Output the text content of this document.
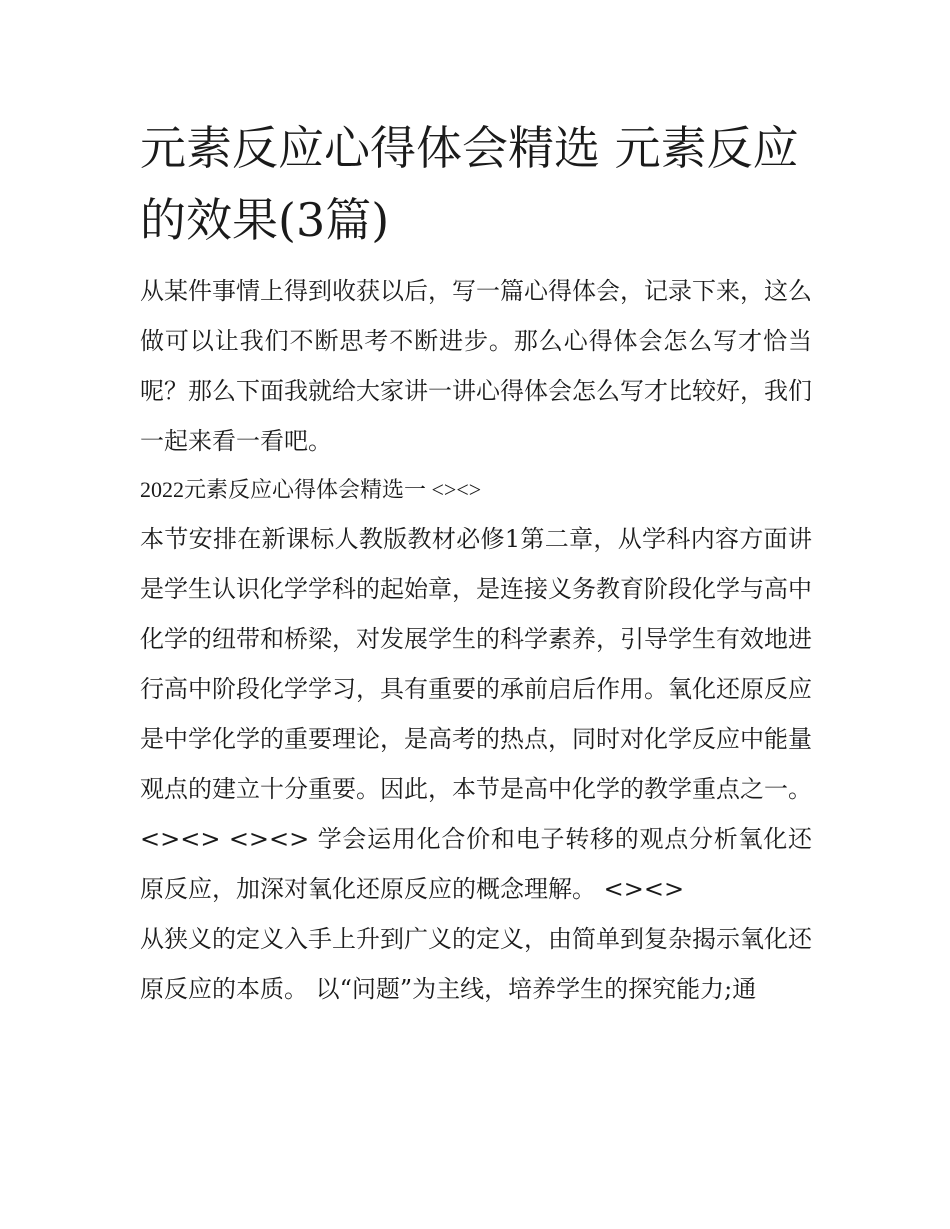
元素反应心得体会精选 元素反应的效果(3篇)

从某件事情上得到收获以后，写一篇心得体会，记录下来，这么做可以让我们不断思考不断进步。那么心得体会怎么写才恰当呢？那么下面我就给大家讲一讲心得体会怎么写才比较好，我们一起来看一看吧。

2022元素反应心得体会精选一 <><>

本节安排在新课标人教版教材必修1第二章，从学科内容方面讲是学生认识化学学科的起始章，是连接义务教育阶段化学与高中化学的纽带和桥梁，对发展学生的科学素养，引导学生有效地进行高中阶段化学学习，具有重要的承前启后作用。氧化还原反应是中学化学的重要理论，是高考的热点，同时对化学反应中能量观点的建立十分重要。因此，本节是高中化学的教学重点之一。

<><> <><> 学会运用化合价和电子转移的观点分析氧化还原反应，加深对氧化还原反应的概念理解。 <><>

从狭义的定义入手上升到广义的定义，由简单到复杂揭示氧化还原反应的本质。 以“问题”为主线，培养学生的探究能力;通
